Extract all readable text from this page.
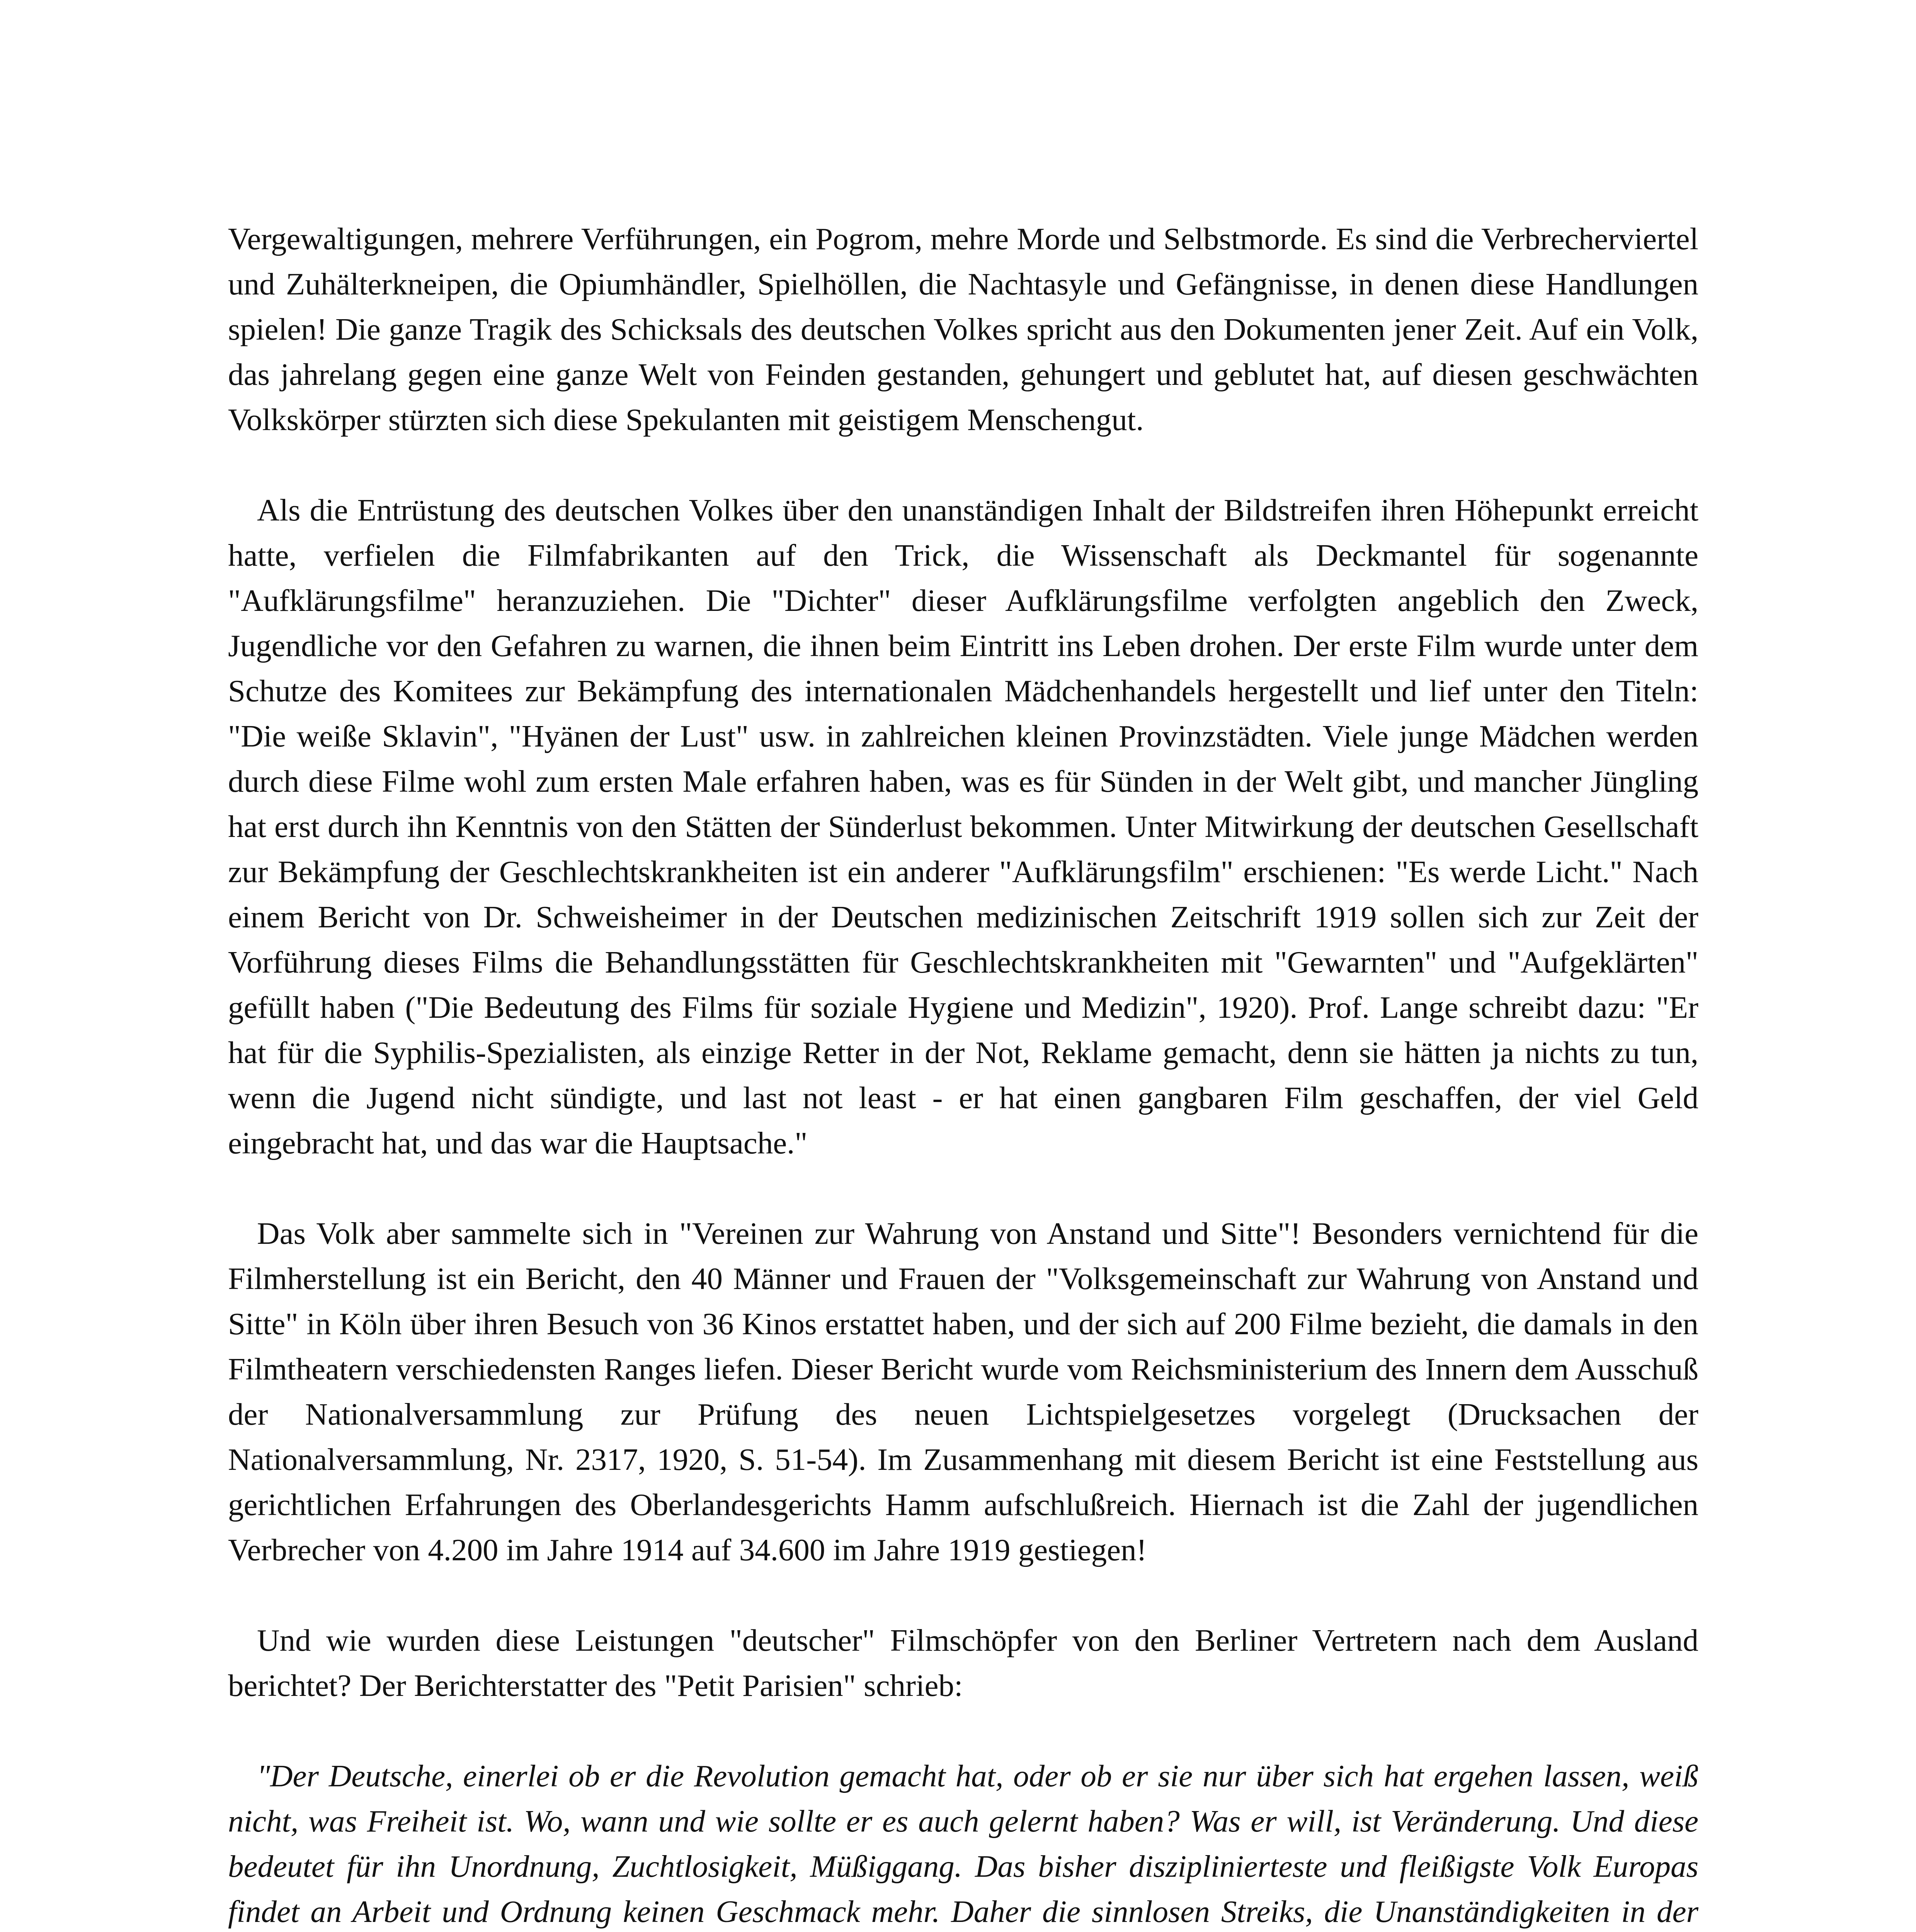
Vergewaltigungen, mehrere Verführungen, ein Pogrom, mehre Morde und Selbstmorde. Es sind die Verbrecherviertel und Zuhälterkneipen, die Opiumhändler, Spielhöllen, die Nachtasyle und Gefängnisse, in denen diese Handlungen spielen! Die ganze Tragik des Schicksals des deutschen Volkes spricht aus den Dokumenten jener Zeit. Auf ein Volk, das jahrelang gegen eine ganze Welt von Feinden gestanden, gehungert und geblutet hat, auf diesen geschwächten Volkskörper stürzten sich diese Spekulanten mit geistigem Menschengut.

Als die Entrüstung des deutschen Volkes über den unanständigen Inhalt der Bildstreifen ihren Höhepunkt erreicht hatte, verfielen die Filmfabrikanten auf den Trick, die Wissenschaft als Deckmantel für sogenannte "Aufklärungsfilme" heranzuziehen. Die "Dichter" dieser Aufklärungsfilme verfolgten angeblich den Zweck, Jugendliche vor den Gefahren zu warnen, die ihnen beim Eintritt ins Leben drohen. Der erste Film wurde unter dem Schutze des Komitees zur Bekämpfung des internationalen Mädchenhandels hergestellt und lief unter den Titeln: "Die weiße Sklavin", "Hyänen der Lust" usw. in zahlreichen kleinen Provinzstädten. Viele junge Mädchen werden durch diese Filme wohl zum ersten Male erfahren haben, was es für Sünden in der Welt gibt, und mancher Jüngling hat erst durch ihn Kenntnis von den Stätten der Sünderlust bekommen. Unter Mitwirkung der deutschen Gesellschaft zur Bekämpfung der Geschlechtskrankheiten ist ein anderer "Aufklärungsfilm" erschienen: "Es werde Licht." Nach einem Bericht von Dr. Schweisheimer in der Deutschen medizinischen Zeitschrift 1919 sollen sich zur Zeit der Vorführung dieses Films die Behandlungsstätten für Geschlechtskrankheiten mit "Gewarnten" und "Aufgeklärten" gefüllt haben ("Die Bedeutung des Films für soziale Hygiene und Medizin", 1920). Prof. Lange schreibt dazu: "Er hat für die Syphilis-Spezialisten, als einzige Retter in der Not, Reklame gemacht, denn sie hätten ja nichts zu tun, wenn die Jugend nicht sündigte, und last not least - er hat einen gangbaren Film geschaffen, der viel Geld eingebracht hat, und das war die Hauptsache."

Das Volk aber sammelte sich in "Vereinen zur Wahrung von Anstand und Sitte"! Besonders vernichtend für die Filmherstellung ist ein Bericht, den 40 Männer und Frauen der "Volksgemeinschaft zur Wahrung von Anstand und Sitte" in Köln über ihren Besuch von 36 Kinos erstattet haben, und der sich auf 200 Filme bezieht, die damals in den Filmtheatern verschiedensten Ranges liefen. Dieser Bericht wurde vom Reichsministerium des Innern dem Ausschuß der Nationalversammlung zur Prüfung des neuen Lichtspielgesetzes vorgelegt (Drucksachen der Nationalversammlung, Nr. 2317, 1920, S. 51-54). Im Zusammenhang mit diesem Bericht ist eine Feststellung aus gerichtlichen Erfahrungen des Oberlandesgerichts Hamm aufschlußreich. Hiernach ist die Zahl der jugendlichen Verbrecher von 4.200 im Jahre 1914 auf 34.600 im Jahre 1919 gestiegen!

Und wie wurden diese Leistungen "deutscher" Filmschöpfer von den Berliner Vertretern nach dem Ausland berichtet? Der Berichterstatter des "Petit Parisien" schrieb:

"Der Deutsche, einerlei ob er die Revolution gemacht hat, oder ob er sie nur über sich hat ergehen lassen, weiß nicht, was Freiheit ist. Wo, wann und wie sollte er es auch gelernt haben? Was er will, ist Veränderung. Und diese bedeutet für ihn Unordnung, Zuchtlosigkeit, Müßiggang. Das bisher diszipliniertеste und fleißigste Volk Europas findet an Arbeit und Ordnung keinen Geschmack mehr. Daher die sinnlosen Streiks, die Unanständigkeiten in der
